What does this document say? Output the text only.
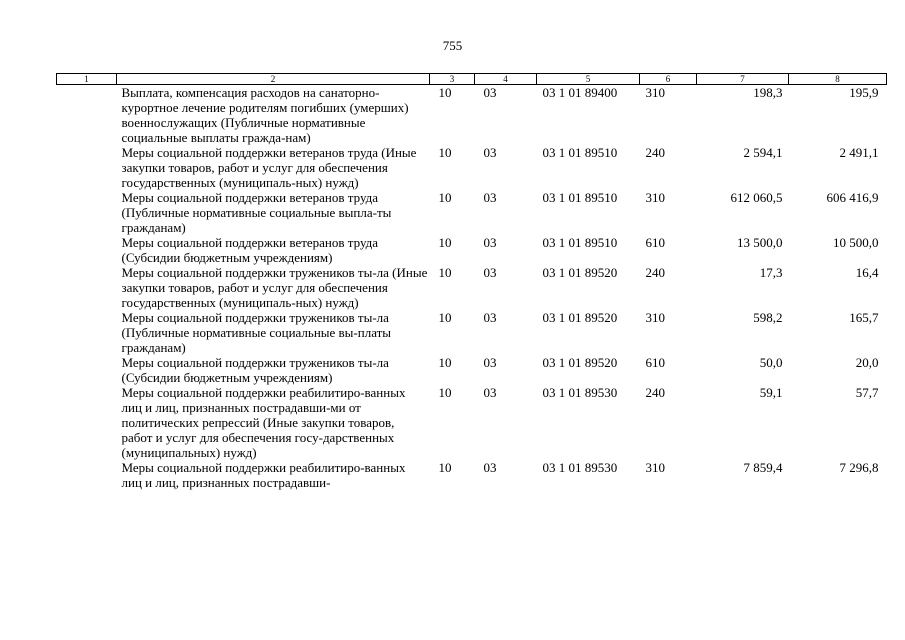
755
1	2	3	4	5	6	7	8
	Выплата, компенсация расходов на санаторно-курортное лечение родителям погибших (умерших) военнослужащих (Публичные нормативные социальные выплаты граждa-нам)	10	03	03 1 01 89400	310	198,3	195,9
	Меры социальной поддержки ветеранов труда (Иные закупки товаров, работ и услуг для обеспечения государственных (муниципаль-ных) нужд)	10	03	03 1 01 89510	240	2 594,1	2 491,1
	Меры социальной поддержки ветеранов труда (Публичные нормативные социальные выпла-ты гражданам)	10	03	03 1 01 89510	310	612 060,5	606 416,9
	Меры социальной поддержки ветеранов труда (Субсидии бюджетным учреждениям)	10	03	03 1 01 89510	610	13 500,0	10 500,0
	Меры социальной поддержки тружеников ты-ла (Иные закупки товаров, работ и услуг для обеспечения государственных (муниципаль-ных) нужд)	10	03	03 1 01 89520	240	17,3	16,4
	Меры социальной поддержки тружеников ты-ла (Публичные нормативные социальные вы-платы гражданам)	10	03	03 1 01 89520	310	598,2	165,7
	Меры социальной поддержки тружеников ты-ла (Субсидии бюджетным учреждениям)	10	03	03 1 01 89520	610	50,0	20,0
	Меры социальной поддержки реабилитиро-ванных лиц и лиц, признанных пострадавши-ми от политических репрессий (Иные закупки товаров, работ и услуг для обеспечения госу-дарственных (муниципальных) нужд)	10	03	03 1 01 89530	240	59,1	57,7
	Меры социальной поддержки реабилитиро-ванных лиц и лиц, признанных пострадавши-	10	03	03 1 01 89530	310	7 859,4	7 296,8
